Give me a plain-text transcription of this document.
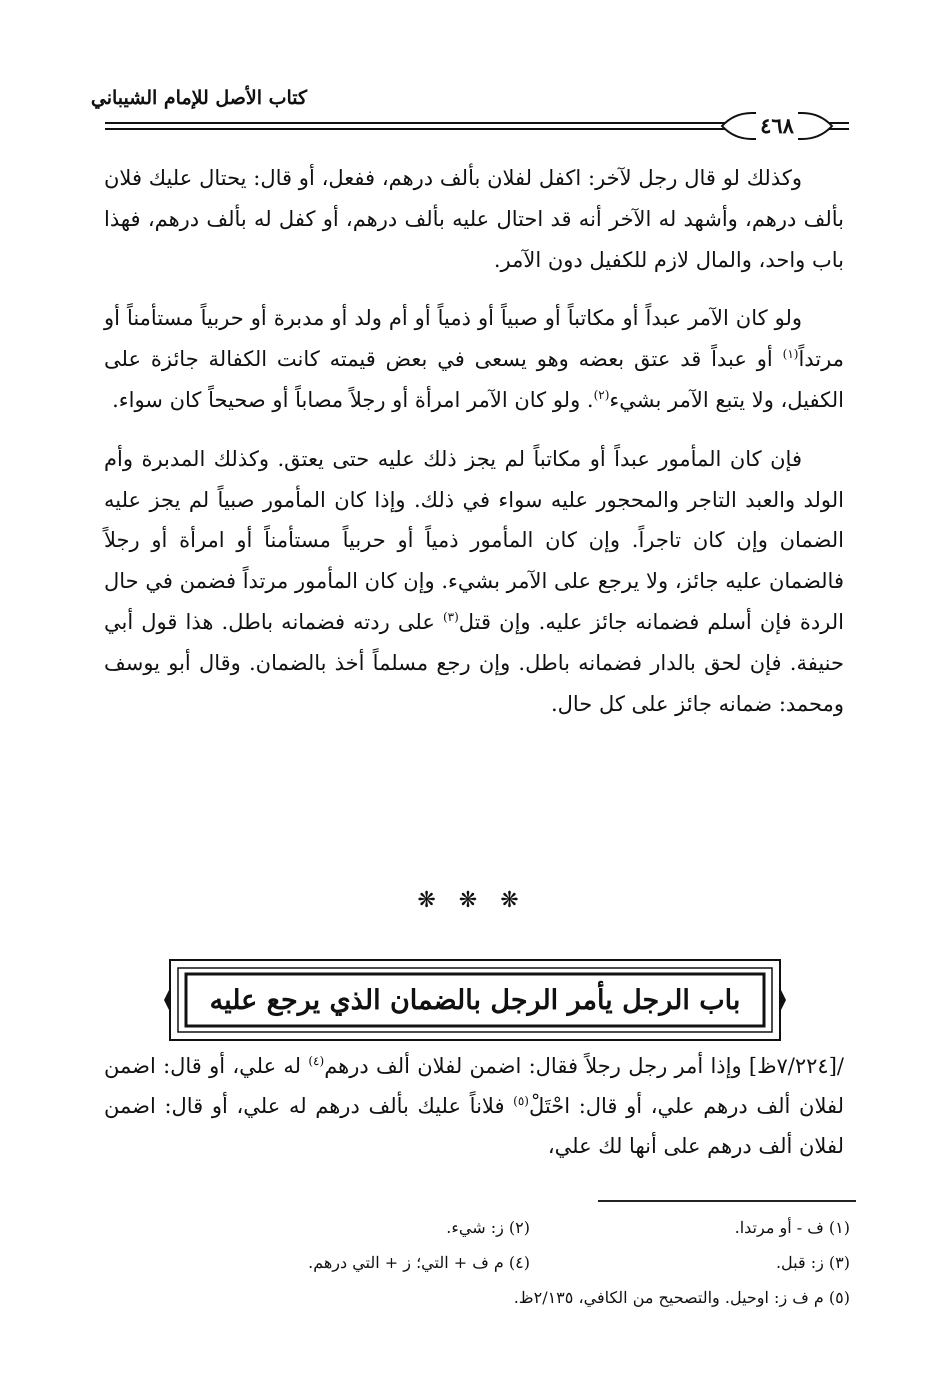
كتاب الأصل للإمام الشيباني
٤٦٨

وكذلك لو قال رجل لآخر: اكفل لفلان بألف درهم، ففعل، أو قال: يحتال عليك فلان بألف درهم، وأشهد له الآخر أنه قد احتال عليه بألف درهم، أو كفل له بألف درهم، فهذا باب واحد، والمال لازم للكفيل دون الآمر.

ولو كان الآمر عبداً أو مكاتباً أو صبياً أو ذمياً أو أم ولد أو مدبرة أو حربياً مستأمناً أو مرتداً$^{(١)}$ أو عبداً قد عتق بعضه وهو يسعى في بعض قيمته كانت الكفالة جائزة على الكفيل، ولا يتبع الآمر بشيء$^{(٢)}$. ولو كان الآمر امرأة أو رجلاً مصاباً أو صحيحاً كان سواء.

فإن كان المأمور عبداً أو مكاتباً لم يجز ذلك عليه حتى يعتق. وكذلك المدبرة وأم الولد والعبد التاجر والمحجور عليه سواء في ذلك. وإذا كان المأمور صبياً لم يجز عليه الضمان وإن كان تاجراً. وإن كان المأمور ذمياً أو حربياً مستأمناً أو امرأة أو رجلاً فالضمان عليه جائز، ولا يرجع على الآمر بشيء. وإن كان المأمور مرتداً فضمن في حال الردة فإن أسلم فضمانه جائز عليه. وإن قتل$^{(٣)}$ على ردته فضمانه باطل. هذا قول أبي حنيفة. فإن لحق بالدار فضمانه باطل. وإن رجع مسلماً أخذ بالضمان. وقال أبو يوسف ومحمد: ضمانه جائز على كل حال.

❋ ❋ ❋
باب الرجل يأمر الرجل بالضمان الذي يرجع عليه

/[٧/٢٢٤ظ] وإذا أمر رجل رجلاً فقال: اضمن لفلان ألف درهم$^{(٤)}$ له علي، أو قال: اضمن لفلان ألف درهم علي، أو قال: احْتَلْ$^{(٥)}$ فلاناً عليك بألف درهم له علي، أو قال: اضمن لفلان ألف درهم على أنها لك علي،

(١) ف - أو مرتدا.
(٢) ز: شيء.
(٣) ز: قبل.
(٤) م ف + التي؛ ز + التي درهم.
(٥) م ف ز: اوحيل. والتصحيح من الكافي، ٢/١٣٥ظ.
